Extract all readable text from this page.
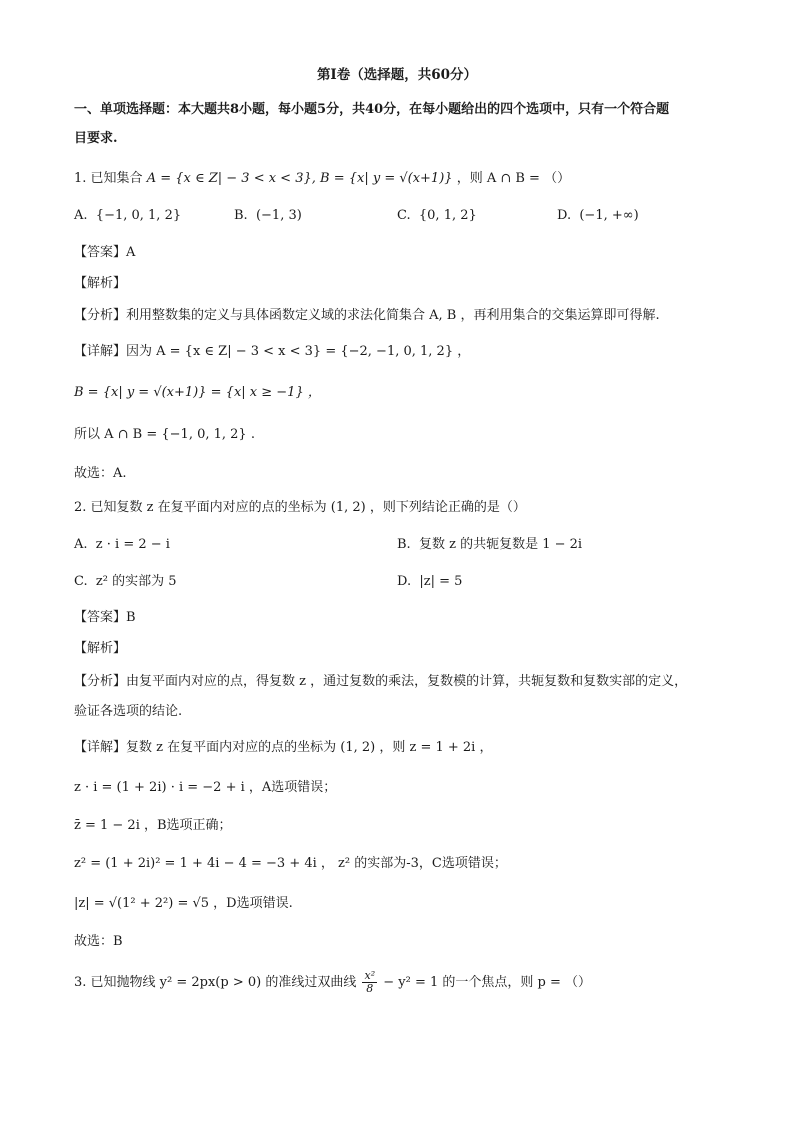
第I卷（选择题，共60分）
一、单项选择题：本大题共8小题，每小题5分，共40分，在每小题给出的四个选项中，只有一个符合题
目要求.
1. 已知集合 A = {x ∈ Z| − 3 < x < 3}, B = {x| y = √(x+1)} ，则 A ∩ B = （）
A. {−1, 0, 1, 2}	B. (−1, 3)	C. {0, 1, 2}	D. (−1, +∞)
【答案】A
【解析】
【分析】利用整数集的定义与具体函数定义域的求法化简集合 A, B ，再利用集合的交集运算即可得解.
【详解】因为 A = {x ∈ Z| − 3 < x < 3} = {−2, −1, 0, 1, 2} ，
B = {x| y = √(x+1)} = {x| x ≥ −1} ，
所以 A ∩ B = {−1, 0, 1, 2} .
故选：A.
2. 已知复数 z 在复平面内对应的点的坐标为 (1, 2) ，则下列结论正确的是（）
A. z · i = 2 − i	B. 复数 z 的共轭复数是 1 − 2i
C. z² 的实部为 5	D. |z| = 5
【答案】B
【解析】
【分析】由复平面内对应的点，得复数 z ，通过复数的乘法，复数模的计算，共轭复数和复数实部的定义，
验证各选项的结论.
【详解】复数 z 在复平面内对应的点的坐标为 (1, 2) ，则 z = 1 + 2i ，
z · i = (1 + 2i) · i = −2 + i ，A选项错误；
z̄ = 1 − 2i ，B选项正确；
z² = (1 + 2i)² = 1 + 4i − 4 = −3 + 4i ， z² 的实部为-3，C选项错误；
|z| = √(1² + 2²) = √5 ，D选项错误.
故选：B
3. 已知抛物线 y² = 2px(p > 0) 的准线过双曲线 $\frac{\text{x²}}{8} - y^2 = 1$ 的一个焦点，则 p = （）
